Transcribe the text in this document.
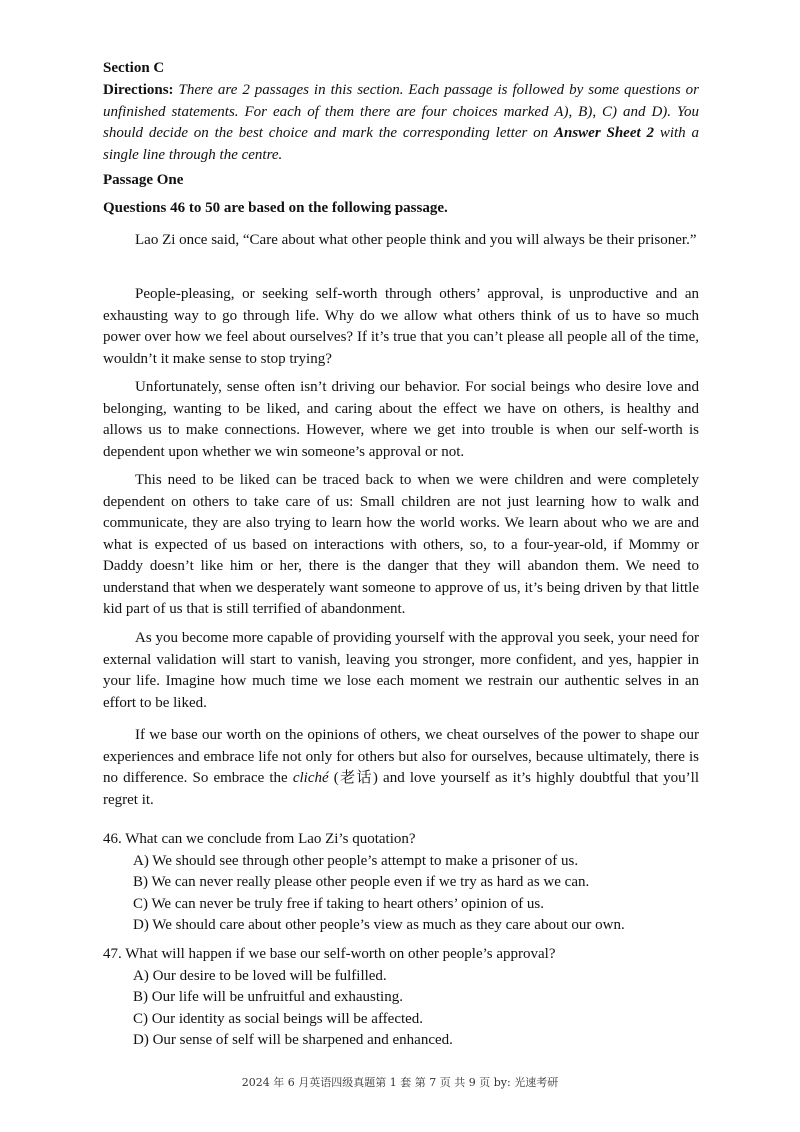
Section C
Directions: There are 2 passages in this section. Each passage is followed by some questions or unfinished statements. For each of them there are four choices marked A), B), C) and D). You should decide on the best choice and mark the corresponding letter on Answer Sheet 2 with a single line through the centre.
Passage One
Questions 46 to 50 are based on the following passage.
Lao Zi once said, “Care about what other people think and you will always be their prisoner.”
People-pleasing, or seeking self-worth through others’ approval, is unproductive and an exhausting way to go through life. Why do we allow what others think of us to have so much power over how we feel about ourselves? If it’s true that you can’t please all people all of the time, wouldn’t it make sense to stop trying?
Unfortunately, sense often isn’t driving our behavior. For social beings who desire love and belonging, wanting to be liked, and caring about the effect we have on others, is healthy and allows us to make connections. However, where we get into trouble is when our self-worth is dependent upon whether we win someone’s approval or not.
This need to be liked can be traced back to when we were children and were completely dependent on others to take care of us: Small children are not just learning how to walk and communicate, they are also trying to learn how the world works. We learn about who we are and what is expected of us based on interactions with others, so, to a four-year-old, if Mommy or Daddy doesn’t like him or her, there is the danger that they will abandon them. We need to understand that when we desperately want someone to approve of us, it’s being driven by that little kid part of us that is still terrified of abandonment.
As you become more capable of providing yourself with the approval you seek, your need for external validation will start to vanish, leaving you stronger, more confident, and yes, happier in your life. Imagine how much time we lose each moment we restrain our authentic selves in an effort to be liked.
If we base our worth on the opinions of others, we cheat ourselves of the power to shape our experiences and embrace life not only for others but also for ourselves, because ultimately, there is no difference. So embrace the cliché (老话) and love yourself as it’s highly doubtful that you’ll regret it.
46. What can we conclude from Lao Zi’s quotation?
A) We should see through other people’s attempt to make a prisoner of us.
B) We can never really please other people even if we try as hard as we can.
C) We can never be truly free if taking to heart others’ opinion of us.
D) We should care about other people’s view as much as they care about our own.
47. What will happen if we base our self-worth on other people’s approval?
A) Our desire to be loved will be fulfilled.
B) Our life will be unfruitful and exhausting.
C) Our identity as social beings will be affected.
D) Our sense of self will be sharpened and enhanced.
2024 年 6 月英语四级真题第 1 套 第 7 页 共 9 页 by: 光速考研
